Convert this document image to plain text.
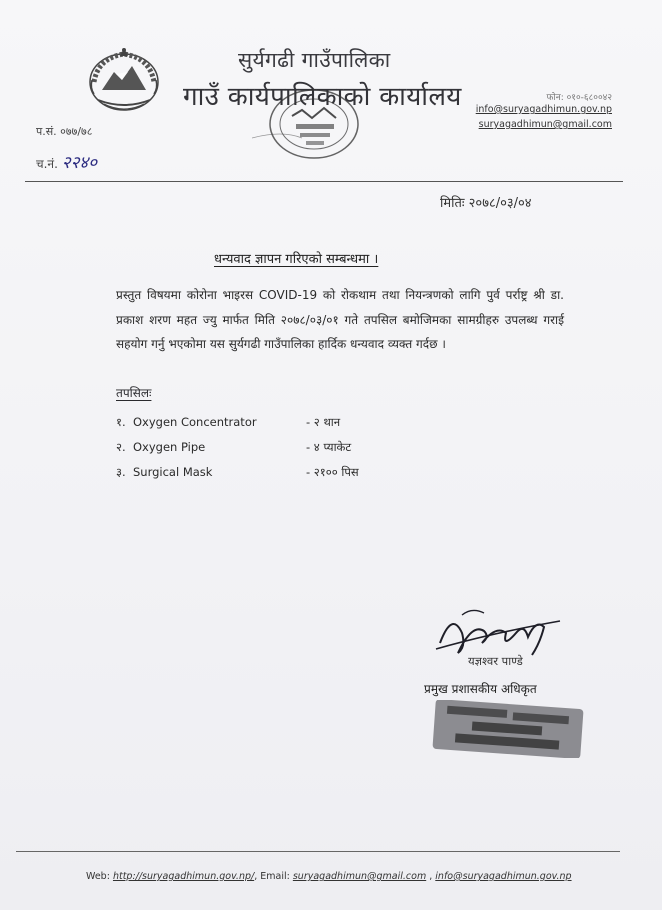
सुर्यगढी गाउँपालिका
गाउँ कार्यपालिकाको कार्यालय	फोन: ०१०-६८००४२
info@suryagadhimun.gov.np
suryagadhimun@gmail.com
प.सं. ०७७/७८
च.नं. २२४०
मितिः २०७८/०३/०४
धन्यवाद ज्ञापन गरिएको सम्बन्धमा ।
प्रस्तुत विषयमा कोरोना भाइरस COVID-19 को रोकथाम तथा नियन्त्रणको लागि पुर्व पर्राष्ट्र श्री डा. प्रकाश शरण महत ज्यु मार्फत मिति २०७८/०३/०१ गते तपसिल बमोजिमका सामग्रीहरु उपलब्ध गराई सहयोग गर्नु भएकोमा यस सुर्यगढी गाउँपालिका हार्दिक धन्यवाद व्यक्त गर्दछ ।
तपसिलः
१. Oxygen Concentrator	- २ थान
२. Oxygen Pipe	- ४ प्याकेट
३. Surgical Mask	- २१०० पिस
यज्ञश्वर पाण्डे
प्रमुख प्रशासकीय अधिकृत
Web: http://suryagadhimun.gov.np/, Email: suryagadhimun@gmail.com , info@suryagadhimun.gov.np
